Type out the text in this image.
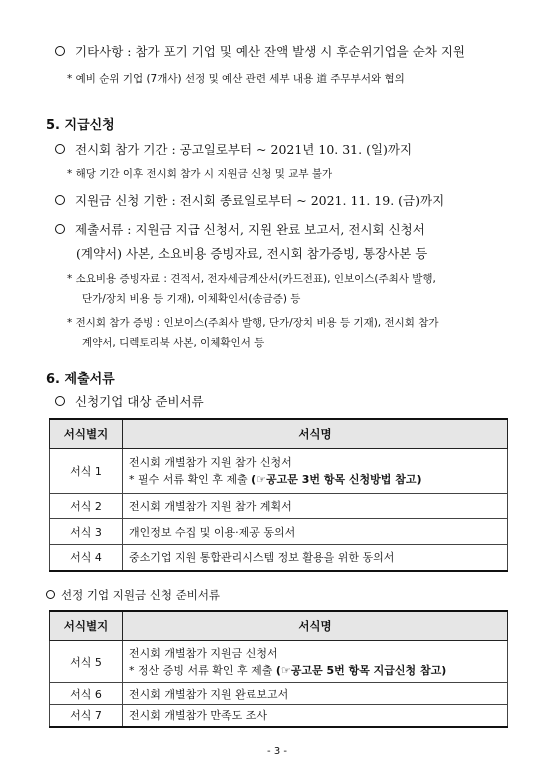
기타사항 : 참가 포기 기업 및 예산 잔액 발생 시 후순위기업을 순차 지원
* 예비 순위 기업 (7개사) 선정 및 예산 관련 세부 내용 道 주무부서와 협의
5. 지급신청
전시회 참가 기간 : 공고일로부터 ~ 2021년 10. 31. (일)까지
* 해당 기간 이후 전시회 참가 시 지원금 신청 및 교부 불가
지원금 신청 기한 : 전시회 종료일로부터 ~ 2021. 11. 19. (금)까지
제출서류 : 지원금 지급 신청서, 지원 완료 보고서, 전시회 신청서
(계약서) 사본, 소요비용 증빙자료, 전시회 참가증빙, 통장사본 등
* 소요비용 증빙자료 : 견적서, 전자세금계산서(카드전표), 인보이스(주최사 발행,
단가/장치 비용 등 기재), 이체확인서(송금증) 등
* 전시회 참가 증빙 : 인보이스(주최사 발행, 단가/장치 비용 등 기재), 전시회 참가
계약서, 디렉토리북 사본, 이체확인서 등
6. 제출서류
신청기업 대상 준비서류
서식별지	서식명
서식 1	전시회 개별참가 지원 참가 신청서
* 필수 서류 확인 후 제출 (☞공고문 3번 항목 신청방법 참고)

서식 2	전시회 개별참가 지원 참가 계획서
서식 3	개인정보 수집 및 이용·제공 동의서
서식 4	중소기업 지원 통합관리시스템 정보 활용을 위한 동의서
선정 기업 지원금 신청 준비서류
서식별지	서식명
서식 5	전시회 개별참가 지원금 신청서
* 정산 증빙 서류 확인 후 제출 (☞공고문 5번 항목 지급신청 참고)

서식 6	전시회 개별참가 지원 완료보고서
서식 7	전시회 개별참가 만족도 조사
- 3 -
